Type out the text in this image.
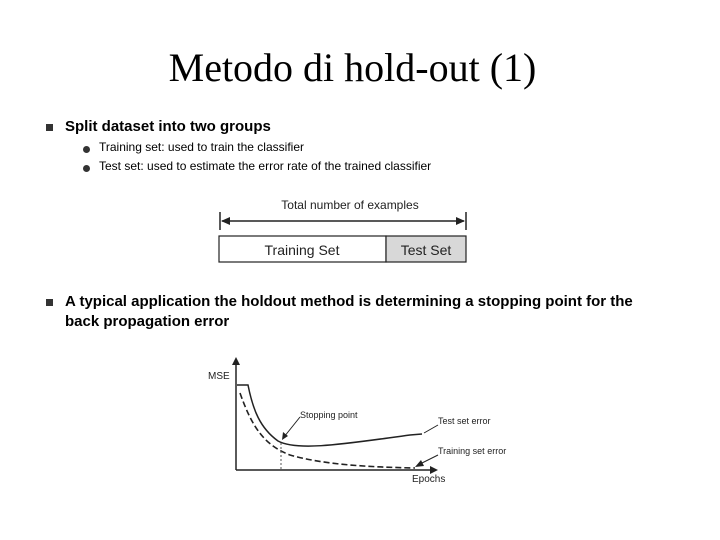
Metodo di hold-out (1)
Split dataset into two groups
Training set: used to train the classifier
Test set: used to estimate the error rate of the trained classifier
Total number of examples
Training Set	Test Set
A typical application the holdout method is determining a stopping point for the
back propagation error
MSE
Epochs
Stopping point
Test set error
Training set error
